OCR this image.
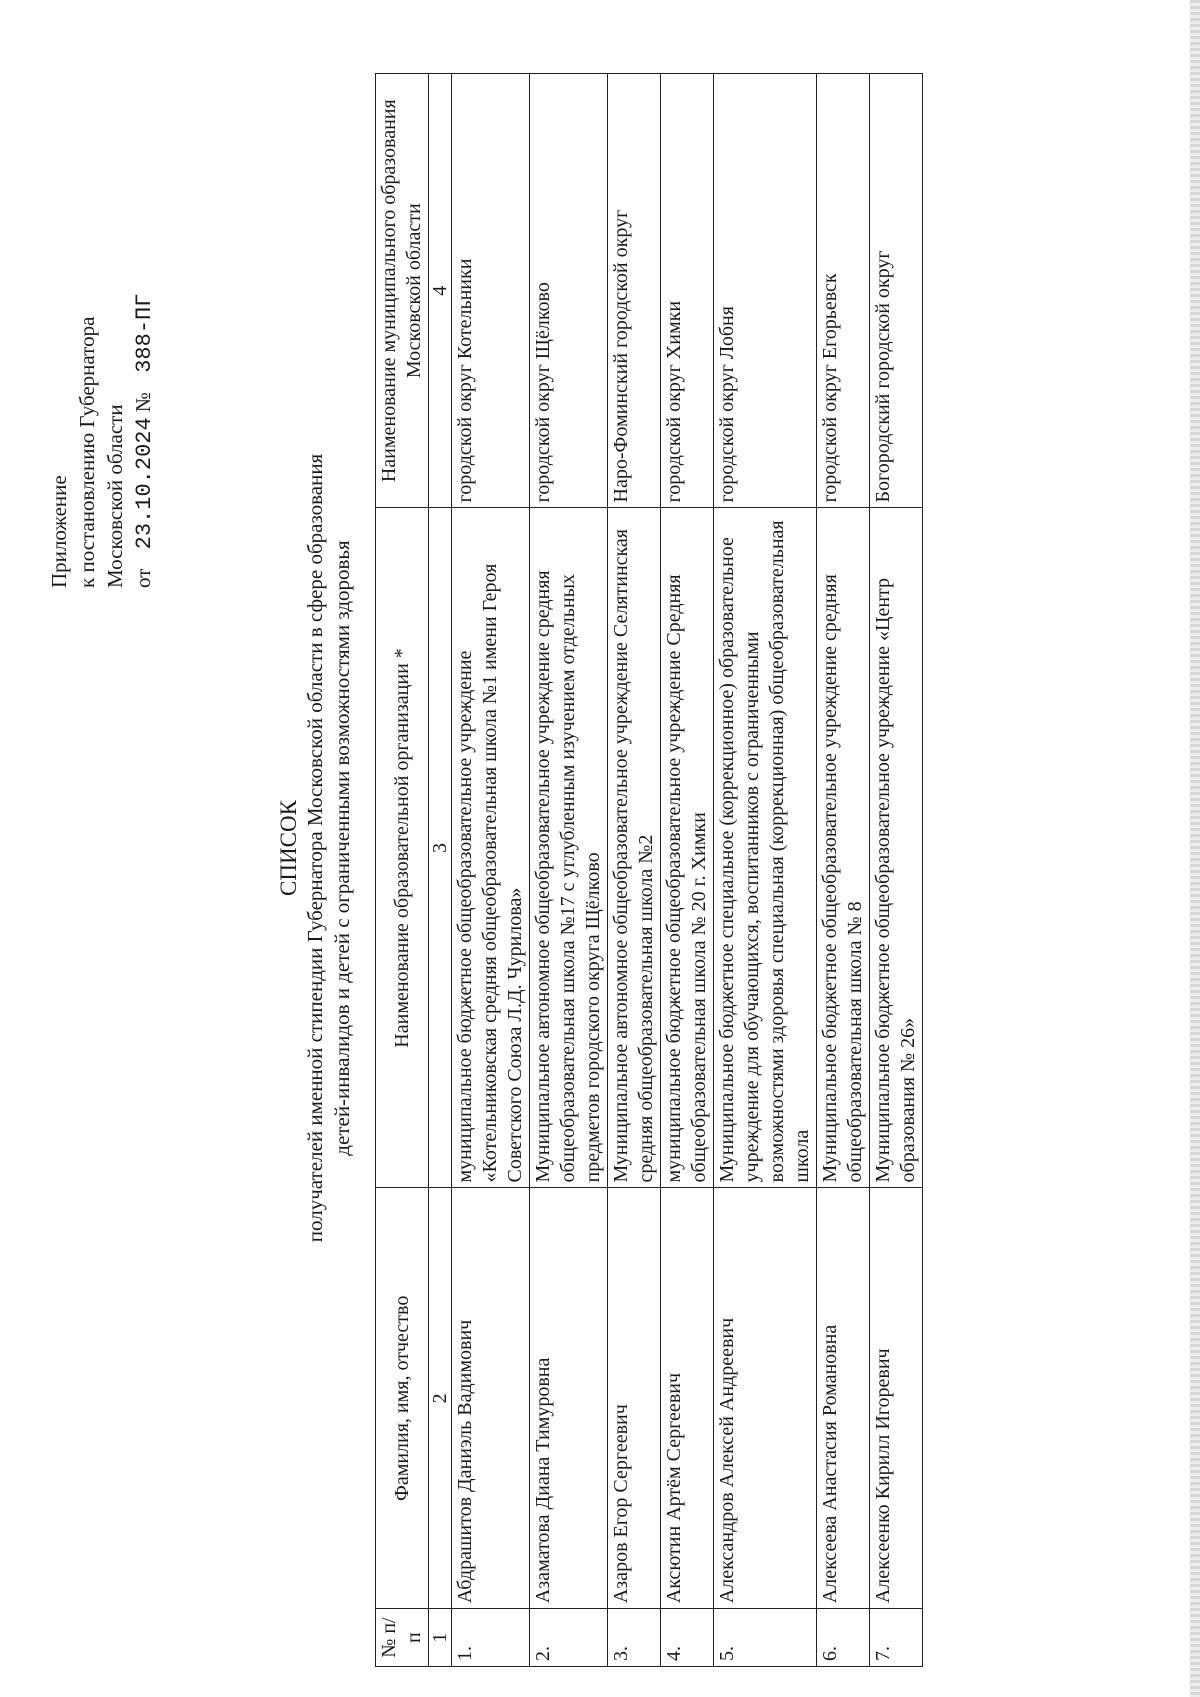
Приложение к постановлению Губернатора Московской области от 23.10.2024 № 388-ПГ
СПИСОК получателей именной стипендии Губернатора Московской области в сфере образования детей-инвалидов и детей с ограниченными возможностями здоровья
№ п/п	Фамилия, имя, отчество	Наименование образовательной организации *	Наименование муниципального образования Московской области
1	2	3	4
1.	Абдрашитов Даниэль Вадимович	муниципальное бюджетное общеобразовательное учреждение «Котельниковская средняя общеобразовательная школа №1 имени Героя Советского Союза Л.Д. Чурилова»	городской округ Котельники
2.	Азаматова Диана Тимуровна	Муниципальное автономное общеобразовательное учреждение средняя общеобразовательная школа №17 с углубленным изучением отдельных предметов городского округа Щёлково	городской округ Щёлково
3.	Азаров Егор Сергеевич	Муниципальное автономное общеобразовательное учреждение Селятинская средняя общеобразовательная школа №2	Наро-Фоминский городской округ
4.	Аксютин Артём Сергеевич	муниципальное бюджетное общеобразовательное учреждение Средняя общеобразовательная школа № 20 г. Химки	городской округ Химки
5.	Александров Алексей Андреевич	Муниципальное бюджетное специальное (коррекционное) образовательное учреждение для обучающихся, воспитанников с ограниченными возможностями здоровья специальная (коррекционная) общеобразовательная школа	городской округ Лобня
6.	Алексеева Анастасия Романовна	Муниципальное бюджетное общеобразовательное учреждение средняя общеобразовательная школа № 8	городской округ Егорьевск
7.	Алексеенко Кирилл Игоревич	Муниципальное бюджетное общеобразовательное учреждение «Центр образования № 26»	Богородский городской округ
